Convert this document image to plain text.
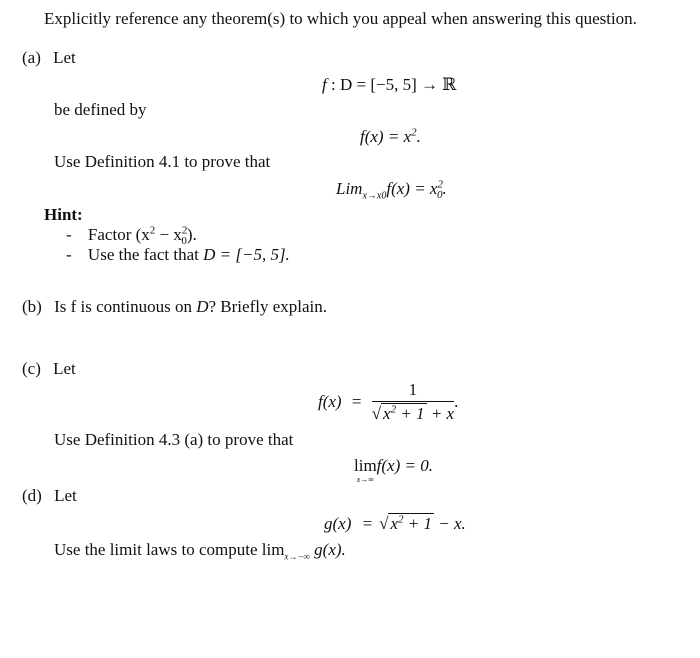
Explicitly reference any theorem(s) to which you appeal when answering this question.
(a) Let
f : D = [−5, 5] → ℝ
be defined by
$f(x) = x^2$.
Use Definition 4.1 to prove that
$Lim_{x\to x0}f(x) = x^2_0$.
Hint:
- Factor $(x^2 - x^2_0)$.
- Use the fact that D = [−5, 5].
(b) Is f is continuous on D? Briefly explain.
(c) Let
$f(x) = \frac{1}{√ x^2 + 1 + x}$ .
Use Definition 4.3 (a) to prove that
lim
x→∞
f(x) = 0.
(d) Let
g(x) = √ $x^2 + 1 - x$.
Use the limit laws to compute $\lim_{x\to-\infty} g(x)$.
